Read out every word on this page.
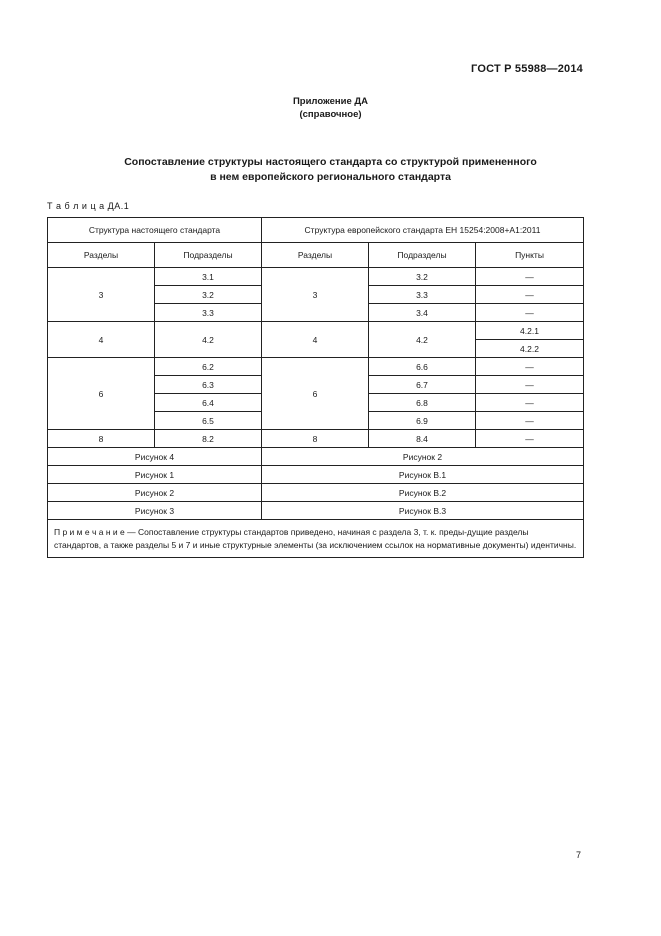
ГОСТ Р 55988—2014
Приложение ДА
(справочное)
Сопоставление структуры настоящего стандарта со структурой примененного
в нем европейского регионального стандарта
Т а б л и ц а ДА.1
Структура настоящего стандарта		Структура европейского стандарта ЕН 15254:2008+А1:2011		
Разделы	Подразделы	Разделы	Подразделы	Пункты
3	3.1	3	3.2	—
	3.2		3.3	—
	3.3		3.4	—
4	4.2	4	4.2	4.2.1
				4.2.2
6	6.2	6	6.6	—
	6.3		6.7	—
	6.4		6.8	—
	6.5		6.9	—
8	8.2	8	8.4	—
Рисунок 4		Рисунок 2		
Рисунок 1		Рисунок В.1		
Рисунок 2		Рисунок В.2		
Рисунок 3		Рисунок В.3		
П р и м е ч а н и е — Сопоставление структуры стандартов приведено, начиная с раздела 3, т. к. преды-дущие разделы стандартов, а также разделы 5 и 7 и иные структурные элементы (за исключением ссылок на нормативные документы) идентичны.				
7
